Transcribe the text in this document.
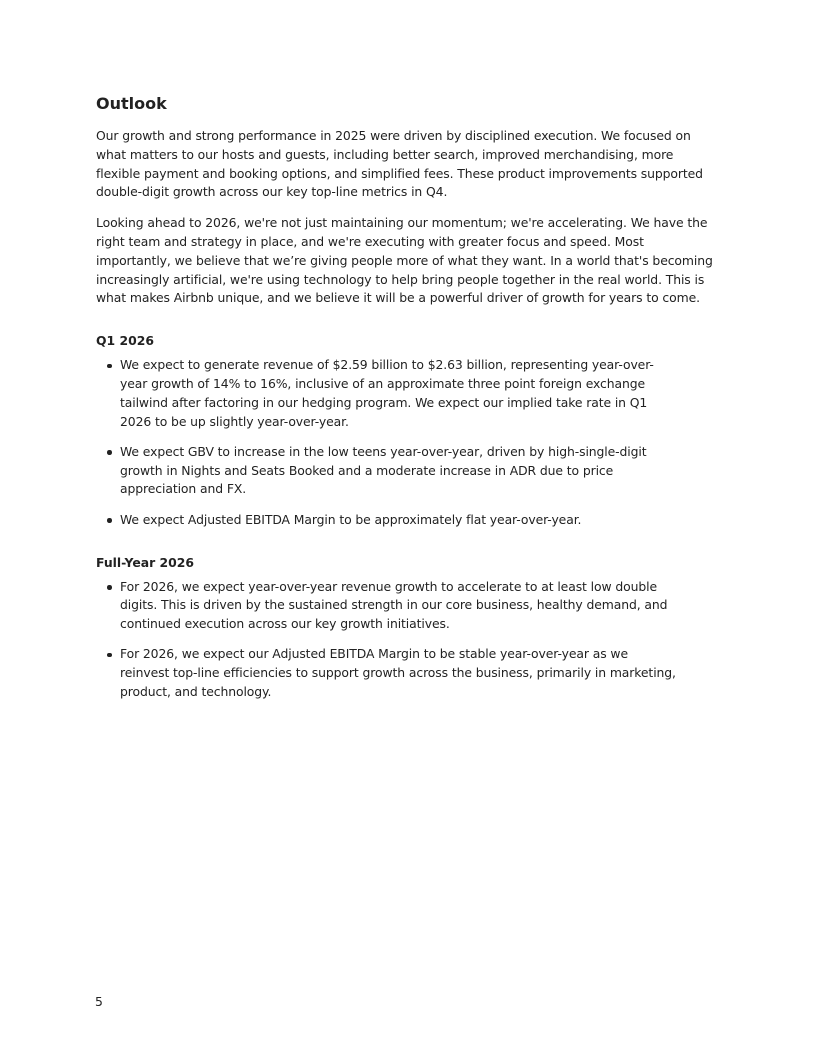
Outlook

Our growth and strong performance in 2025 were driven by disciplined execution. We focused on what matters to our hosts and guests, including better search, improved merchandising, more flexible payment and booking options, and simplified fees. These product improvements supported double-digit growth across our key top-line metrics in Q4.

Looking ahead to 2026, we're not just maintaining our momentum; we're accelerating. We have the right team and strategy in place, and we're executing with greater focus and speed. Most importantly, we believe that we’re giving people more of what they want. In a world that's becoming increasingly artificial, we're using technology to help bring people together in the real world. This is what makes Airbnb unique, and we believe it will be a powerful driver of growth for years to come.

Q1 2026
We expect to generate revenue of $2.59 billion to $2.63 billion, representing year-over-year growth of 14% to 16%, inclusive of an approximate three point foreign exchange tailwind after factoring in our hedging program. We expect our implied take rate in Q1 2026 to be up slightly year-over-year.
We expect GBV to increase in the low teens year-over-year, driven by high-single-digit growth in Nights and Seats Booked and a moderate increase in ADR due to price appreciation and FX.
We expect Adjusted EBITDA Margin to be approximately flat year-over-year.
Full-Year 2026
For 2026, we expect year-over-year revenue growth to accelerate to at least low double digits. This is driven by the sustained strength in our core business, healthy demand, and continued execution across our key growth initiatives.
For 2026, we expect our Adjusted EBITDA Margin to be stable year-over-year as we reinvest top-line efficiencies to support growth across the business, primarily in marketing, product, and technology.
5
